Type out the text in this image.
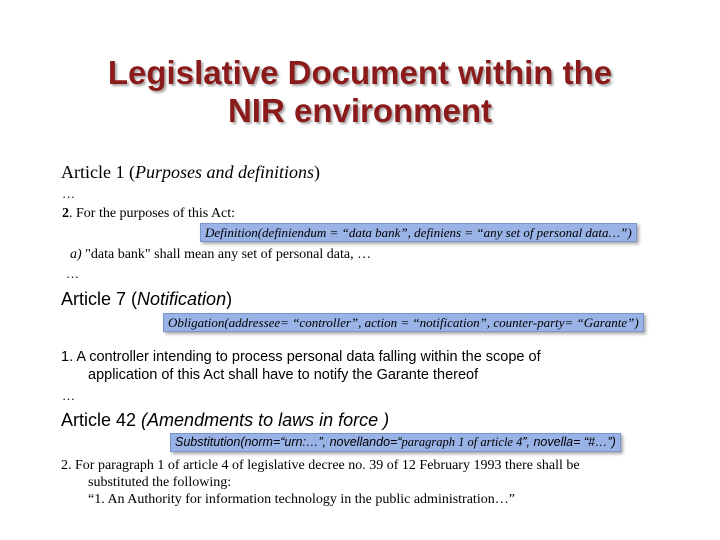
Legislative Document within the
NIR environment
Article 1 (Purposes and definitions)
…
2. For the purposes of this Act:
Definition(definiendum = “data bank”, definiens = “any set of personal data…”)
a) "data bank" shall mean any set of personal data, …
…
Article 7 (Notification)
Obligation(addressee= “controller”, action = “notification”, counter-party= “Garante”)
1. A controller intending to process personal data falling within the scope of
application of this Act shall have to notify the Garante thereof
…
Article 42 (Amendments to laws in force )
Substitution(norm=“urn:…”, novellando=“paragraph 1 of article 4”, novella= “#…”)
2. For paragraph 1 of article 4 of legislative decree no. 39 of 12 February 1993 there shall be
substituted the following:
“1. An Authority for information technology in the public administration…”
